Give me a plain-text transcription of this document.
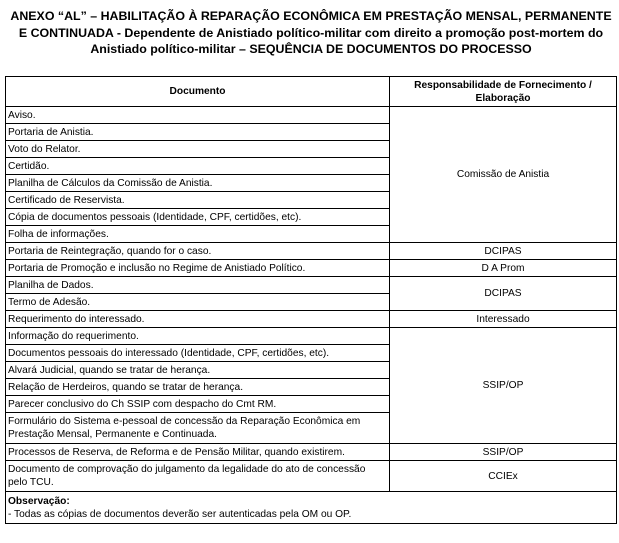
ANEXO “AL” – HABILITAÇÃO À REPARAÇÃO ECONÔMICA EM PRESTAÇÃO MENSAL, PERMANENTE E CONTINUADA - Dependente de Anistiado político-militar com direito a promoção post-mortem do Anistiado político-militar – SEQUÊNCIA DE DOCUMENTOS DO PROCESSO
Documento	Responsabilidade de Fornecimento / Elaboração
Aviso.	Comissão de Anistia
Portaria de Anistia.	
Voto do Relator.	
Certidão.	
Planilha de Cálculos da Comissão de Anistia.	
Certificado de Reservista.	
Cópia de documentos pessoais (Identidade, CPF, certidões, etc).	
Folha de informações.	
Portaria de Reintegração, quando for o caso.	DCIPAS
Portaria de Promoção e inclusão no Regime de Anistiado Político.	D A Prom
Planilha de Dados.	DCIPAS
Termo de Adesão.	
Requerimento do interessado.	Interessado
Informação do requerimento.	SSIP/OP
Documentos pessoais do interessado (Identidade, CPF, certidões, etc).	
Alvará Judicial, quando se tratar de herança.	
Relação de Herdeiros, quando se tratar de herança.	
Parecer conclusivo do Ch SSIP com despacho do Cmt RM.	
Formulário do Sistema e-pessoal de concessão da Reparação Econômica em Prestação Mensal, Permanente e Continuada.	
Processos de Reserva, de Reforma e de Pensão Militar, quando existirem.	SSIP/OP
Documento de comprovação do julgamento da legalidade do ato de concessão pelo TCU.	CCIEx

Observação:
- Todas as cópias de documentos deverão ser autenticadas pela OM ou OP.	
